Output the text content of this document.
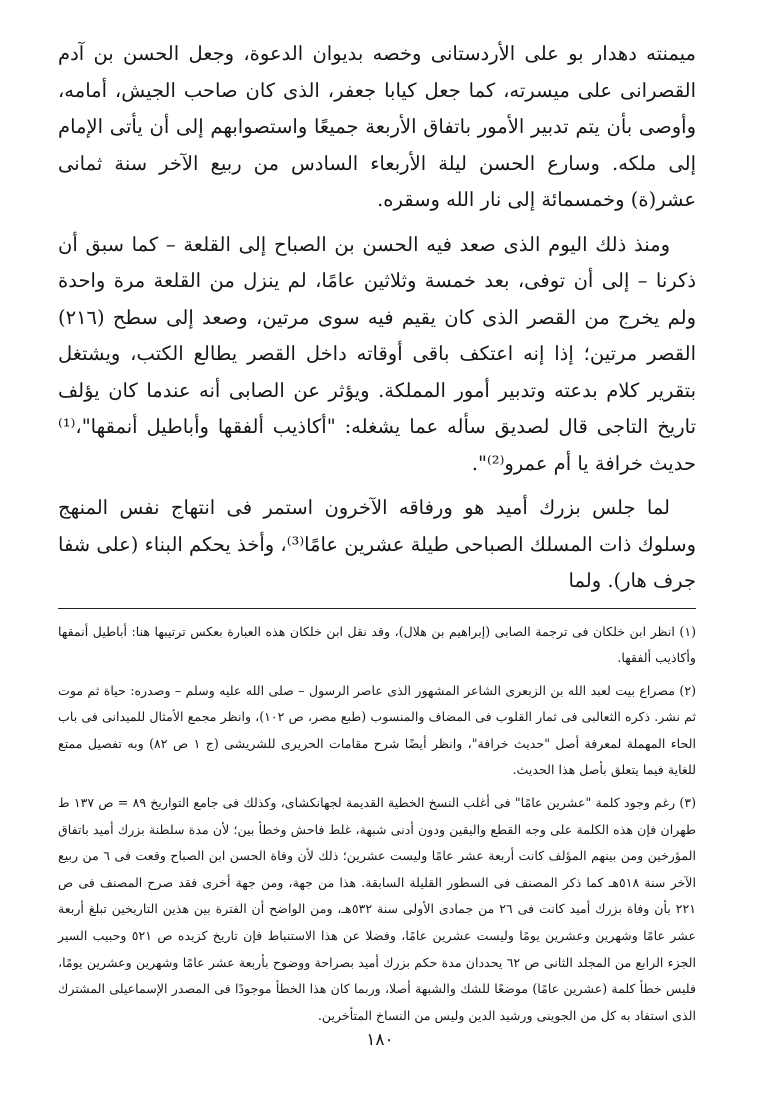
ميمنته دهدار بو على الأردستانى وخصه بديوان الدعوة، وجعل الحسن بن آدم القصرانى على ميسرته، كما جعل كيابا جعفر، الذى كان صاحب الجيش، أمامه، وأوصى بأن يتم تدبير الأمور باتفاق الأربعة جميعًا واستصوابهم إلى أن يأتى الإمام إلى ملكه. وسارع الحسن ليلة الأربعاء السادس من ربيع الآخر سنة ثمانى عشر(ة) وخمسمائة إلى نار الله وسقره.

ومنذ ذلك اليوم الذى صعد فيه الحسن بن الصباح إلى القلعة – كما سبق أن ذكرنا – إلى أن توفى، بعد خمسة وثلاثين عامًا، لم ينزل من القلعة مرة واحدة ولم يخرج من القصر الذى كان يقيم فيه سوى مرتين، وصعد إلى سطح (٢١٦) القصر مرتين؛ إذا إنه اعتكف باقى أوقاته داخل القصر يطالع الكتب، ويشتغل بتقرير كلام بدعته وتدبير أمور المملكة. ويؤثر عن الصابى أنه عندما كان يؤلف تاريخ التاجى قال لصديق سأله عما يشغله: "أكاذيب ألفقها وأباطيل أنمقها"،⁽¹⁾ حديث خرافة يا أم عمرو⁽²⁾".

لما جلس بزرك أميد هو ورفاقه الآخرون استمر فى انتهاج نفس المنهج وسلوك ذات المسلك الصباحى طيلة عشرين عامًا⁽³⁾، وأخذ يحكم البناء (على شفا جرف هار). ولما

(١) انظر ابن خلكان فى ترجمة الصابى (إبراهيم بن هلال)، وقد نقل ابن خلكان هذه العبارة بعكس ترتيبها هنا: أباطيل أنمقها وأكاذيب ألفقها.

(٢) مصراع بيت لعبد الله بن الزبعرى الشاعر المشهور الذى عاصر الرسول – صلى الله عليه وسلم – وصدره: حياة ثم موت ثم نشر. ذكره الثعالبى فى ثمار القلوب فى المضاف والمنسوب (طبع مصر، ص ١٠٢)، وانظر مجمع الأمثال للميدانى فى باب الحاء المهملة لمعرفة أصل "حديث خرافة"، وانظر أيضًا شرح مقامات الحريرى للشريشى (ج ١ ص ٨٢) وبه تفصيل ممتع للغاية فيما يتعلق بأصل هذا الحديث.

(٣) رغم وجود كلمة "عشرين عامًا" فى أغلب النسخ الخطية القديمة لجهانكشاى، وكذلك فى جامع التواريخ ٨٩ = ص ١٣٧ ط طهران فإن هذه الكلمة على وجه القطع واليقين ودون أدنى شبهة، غلط فاحش وخطأ بين؛ لأن مدة سلطنة بزرك أميد باتفاق المؤرخين ومن بينهم المؤلف كانت أربعة عشر عامًا وليست عشرين؛ ذلك لأن وفاة الحسن ابن الصباح وقعت فى ٦ من ربيع الآخر سنة ٥١٨هـ كما ذكر المصنف فى السطور القليلة السابقة. هذا من جهة، ومن جهة أخرى فقد صرح المصنف فى ص ٢٢١ بأن وفاة بزرك أميد كانت فى ٢٦ من جمادى الأولى سنة ٥٣٢هـ، ومن الواضح أن الفترة بين هذين التاريخين تبلغ أربعة عشر عامًا وشهرين وعشرين يومًا وليست عشرين عامًا، وفضلا عن هذا الاستنباط فإن تاريخ كزيده ص ٥٢١ وحبيب السير الجزء الرابع من المجلد الثانى ص ٦٢ يحددان مدة حكم بزرك أميد بصراحة ووضوح بأربعة عشر عامًا وشهرين وعشرين يومًا، فليس خطأ كلمة (عشرين عامًا) موضعًا للشك والشبهة أصلا، وربما كان هذا الخطأ موجودًا فى المصدر الإسماعيلى المشترك الذى استفاد به كل من الجوينى ورشيد الدين وليس من النساخ المتأخرين.

١٨٠
